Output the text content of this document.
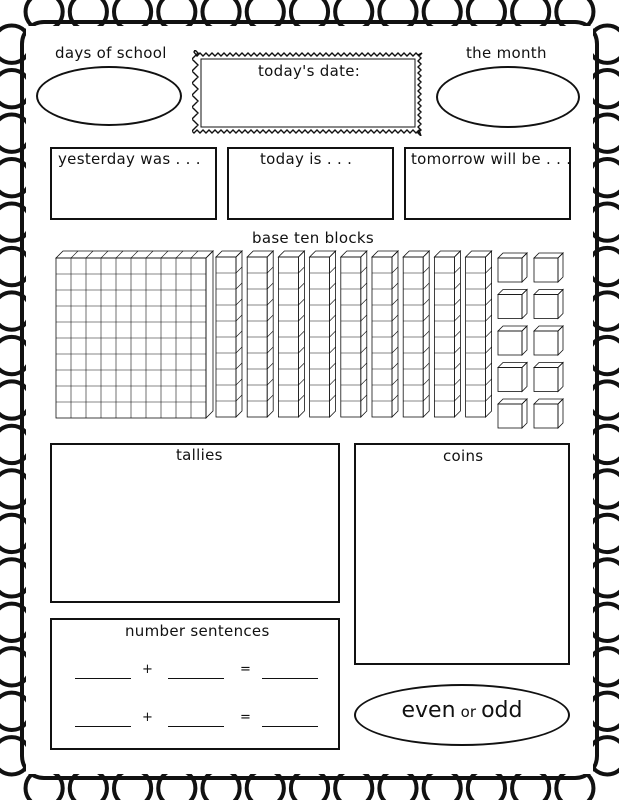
days of school
today's date:
the month
yesterday was . . .	today is . . .	tomorrow will be . . .
base ten blocks
tallies	coins
number sentences
+	=
+	=	even or odd
